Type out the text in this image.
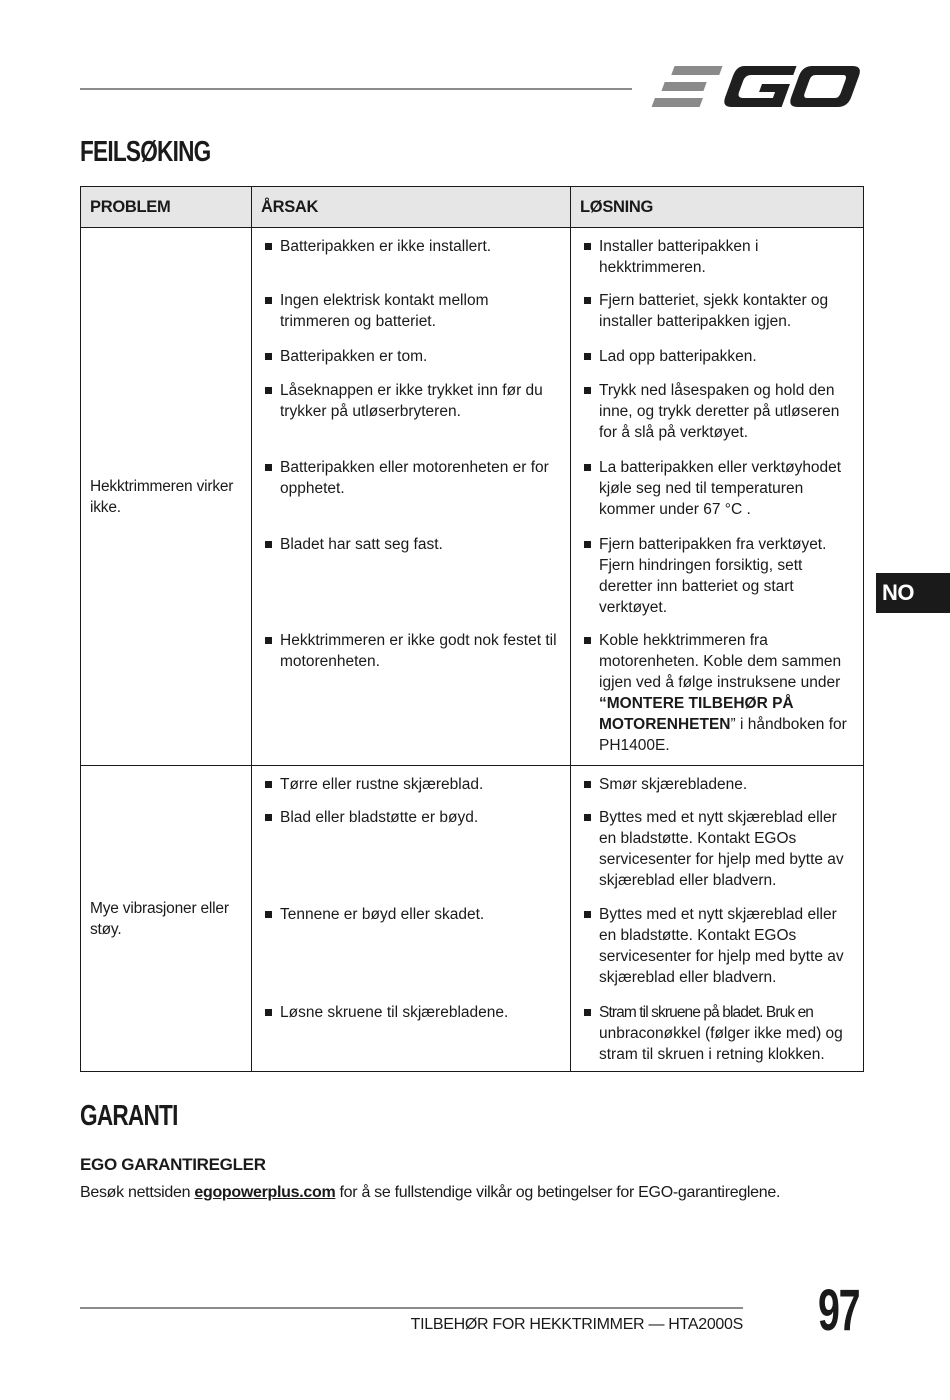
FEILSØKING
PROBLEM	ÅRSAK	LØSNING
Hekktrimmeren virker ikke.	Batteripakken er ikke installert.	Installer batteripakken i hekktrimmeren.

	Ingen elektrisk kontakt mellom trimmeren og batteriet.	Fjern batteriet, sjekk kontakter og installer batteripakken igjen.

	Batteripakken er tom.	Lad opp batteripakken.

	Låseknappen er ikke trykket inn før du trykker på utløserbryteren.	Trykk ned låsespaken og hold den inne, og trykk deretter på utløseren for å slå på verktøyet.

	Batteripakken eller motorenheten er for opphetet.	La batteripakken eller verktøyhodet kjøle seg ned til temperaturen kommer under 67 °C .

	Bladet har satt seg fast.	Fjern batteripakken fra verktøyet. Fjern hindringen forsiktig, sett deretter inn batteriet og start verktøyet.

	Hekktrimmeren er ikke godt nok festet til motorenheten.	Koble hekktrimmeren fra motorenheten. Koble dem sammen igjen ved å følge instruksene under “MONTERE TILBEHØR PÅ MOTORENHETEN” i håndboken for PH1400E.

Mye vibrasjoner eller støy.	Tørre eller rustne skjæreblad.	Smør skjærebladene.

	Blad eller bladstøtte er bøyd.	Byttes med et nytt skjæreblad eller en bladstøtte. Kontakt EGOs servicesenter for hjelp med bytte av skjæreblad eller bladvern.

	Tennene er bøyd eller skadet.	Byttes med et nytt skjæreblad eller en bladstøtte. Kontakt EGOs servicesenter for hjelp med bytte av skjæreblad eller bladvern.

	Løsne skruene til skjærebladene.	Stram til skruene på bladet. Bruk en
unbraconøkkel (følger ikke med) og stram til skruen i retning klokken.
GARANTI
EGO GARANTIREGLER
Besøk nettsiden egopowerplus.com for å se fullstendige vilkår og betingelser for EGO-garantireglene.
NO
TILBEHØR FOR HEKKTRIMMER — HTA2000S 97
